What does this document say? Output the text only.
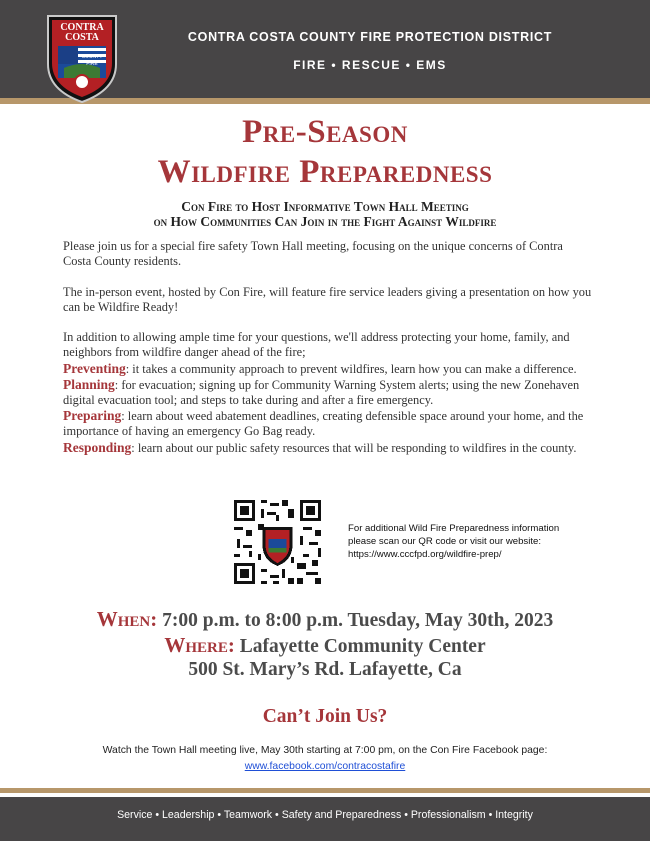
CONTRA
COSTA
COUNTY
FIRE
CONTRA COSTA COUNTY FIRE PROTECTION DISTRICT
FIRE • RESCUE • EMS
Pre-Season
Wildfire Preparedness
Con Fire to Host Informative Town Hall Meeting
on How Communities Can Join in the Fight Against Wildfire

Please join us for a special fire safety Town Hall meeting, focusing on the unique concerns of Contra Costa County residents.

The in-person event, hosted by Con Fire, will feature fire service leaders giving a presentation on how you can be Wildfire Ready!

In addition to allowing ample time for your questions, we'll address protecting your home, family, and neighbors from wildfire danger ahead of the fire;

Preventing: it takes a community approach to prevent wildfires, learn how you can make a difference.

Planning: for evacuation; signing up for Community Warning System alerts; using the new Zonehaven digital evacuation tool; and steps to take during and after a fire emergency.

Preparing: learn about weed abatement deadlines, creating defensible space around your home, and the importance of having an emergency Go Bag ready.

Responding: learn about our public safety resources that will be responding to wildfires in the county.

For additional Wild Fire Preparedness information please scan our QR code or visit our website: https://www.cccfpd.org/wildfire-prep/
When: 7:00 p.m. to 8:00 p.m. Tuesday, May 30th, 2023
Where: Lafayette Community Center
500 St. Mary’s Rd. Lafayette, Ca
Can’t Join Us?
Watch the Town Hall meeting live, May 30th starting at 7:00 pm, on the Con Fire Facebook page:
www.facebook.com/contracostafire
Service • Leadership • Teamwork • Safety and Preparedness • Professionalism • Integrity
